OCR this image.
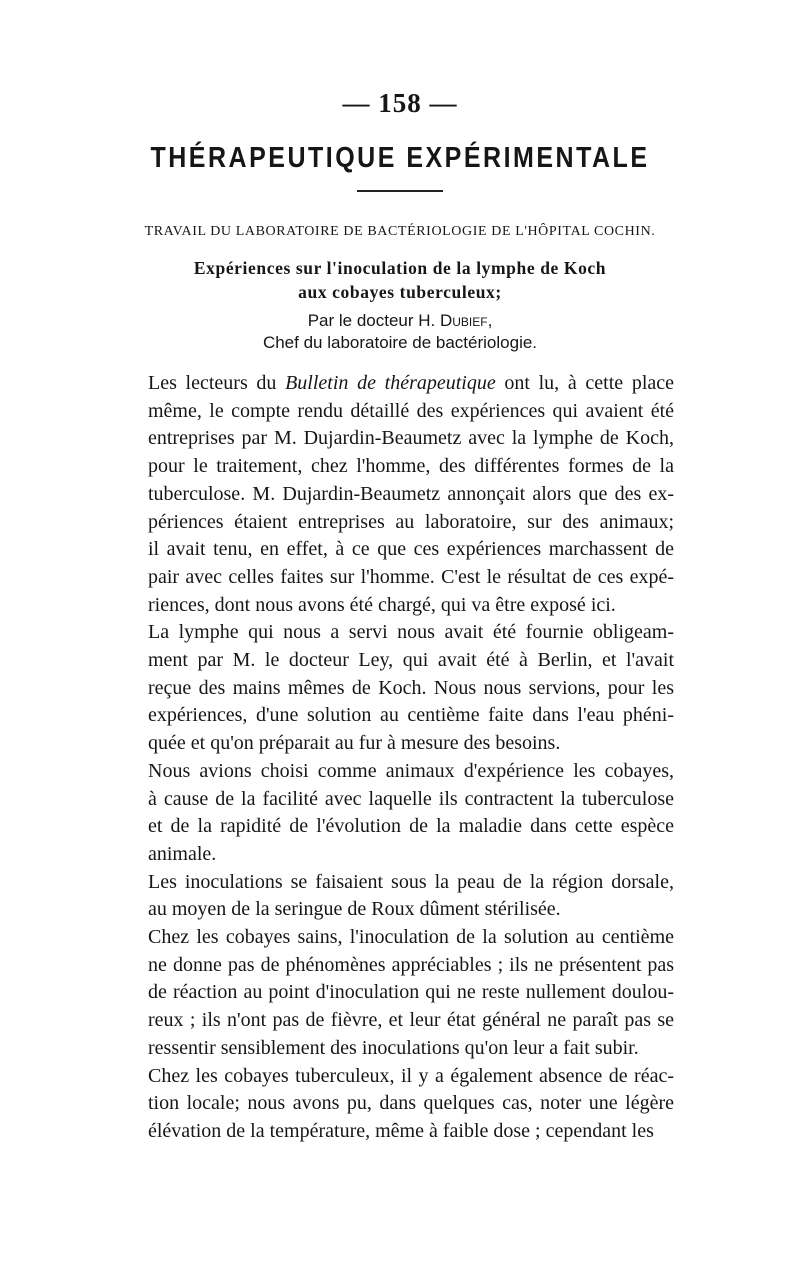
— 158 —
THÉRAPEUTIQUE EXPÉRIMENTALE
TRAVAIL DU LABORATOIRE DE BACTÉRIOLOGIE DE L'HÔPITAL COCHIN.
Expériences sur l'inoculation de la lymphe de Koch
aux cobayes tuberculeux;
Par le docteur H. Dubief,
Chef du laboratoire de bactériologie.

Les lecteurs du Bulletin de thérapeutique ont lu, à cette place
même, le compte rendu détaillé des expériences qui avaient été
entreprises par M. Dujardin-Beaumetz avec la lymphe de Koch,
pour le traitement, chez l'homme, des différentes formes de la
tuberculose. M. Dujardin-Beaumetz annonçait alors que des ex-
périences étaient entreprises au laboratoire, sur des animaux;
il avait tenu, en effet, à ce que ces expériences marchassent de
pair avec celles faites sur l'homme. C'est le résultat de ces expé-
riences, dont nous avons été chargé, qui va être exposé ici.

La lymphe qui nous a servi nous avait été fournie obligeam-
ment par M. le docteur Ley, qui avait été à Berlin, et l'avait
reçue des mains mêmes de Koch. Nous nous servions, pour les
expériences, d'une solution au centième faite dans l'eau phéni-
quée et qu'on préparait au fur à mesure des besoins.

Nous avions choisi comme animaux d'expérience les cobayes,
à cause de la facilité avec laquelle ils contractent la tuberculose
et de la rapidité de l'évolution de la maladie dans cette espèce
animale.

Les inoculations se faisaient sous la peau de la région dorsale,
au moyen de la seringue de Roux dûment stérilisée.

Chez les cobayes sains, l'inoculation de la solution au centième
ne donne pas de phénomènes appréciables ; ils ne présentent pas
de réaction au point d'inoculation qui ne reste nullement doulou-
reux ; ils n'ont pas de fièvre, et leur état général ne paraît pas se
ressentir sensiblement des inoculations qu'on leur a fait subir.

Chez les cobayes tuberculeux, il y a également absence de réac-
tion locale; nous avons pu, dans quelques cas, noter une légère
élévation de la température, même à faible dose ; cependant les
